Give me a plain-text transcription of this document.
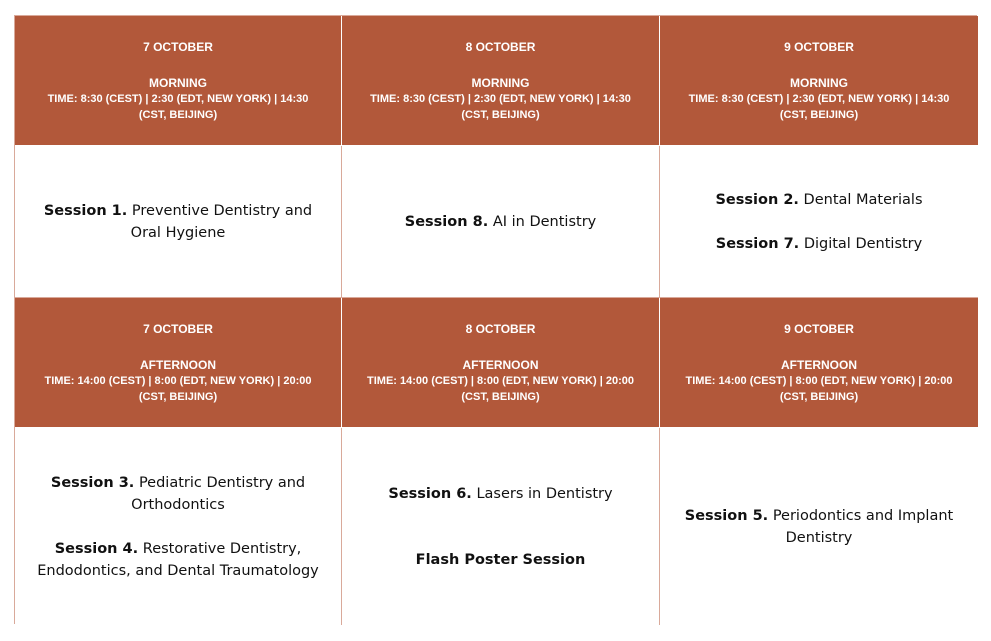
7 OCTOBER
MORNING
TIME: 8:30 (CEST) | 2:30 (EDT, NEW YORK) | 14:30 (CST, BEIJING)
8 OCTOBER
MORNING
TIME: 8:30 (CEST) | 2:30 (EDT, NEW YORK) | 14:30 (CST, BEIJING)
9 OCTOBER
MORNING
TIME: 8:30 (CEST) | 2:30 (EDT, NEW YORK) | 14:30 (CST, BEIJING)
Session 1. Preventive Dentistry and Oral Hygiene
Session 8. AI in Dentistry
Session 2. Dental Materials
Session 7. Digital Dentistry
7 OCTOBER
AFTERNOON
TIME: 14:00 (CEST) | 8:00 (EDT, NEW YORK) | 20:00 (CST, BEIJING)
8 OCTOBER
AFTERNOON
TIME: 14:00 (CEST) | 8:00 (EDT, NEW YORK) | 20:00 (CST, BEIJING)
9 OCTOBER
AFTERNOON
TIME: 14:00 (CEST) | 8:00 (EDT, NEW YORK) | 20:00 (CST, BEIJING)
Session 3. Pediatric Dentistry and Orthodontics
Session 4. Restorative Dentistry, Endodontics, and Dental Traumatology
Session 6. Lasers in Dentistry
Flash Poster Session
Session 5. Periodontics and Implant Dentistry
